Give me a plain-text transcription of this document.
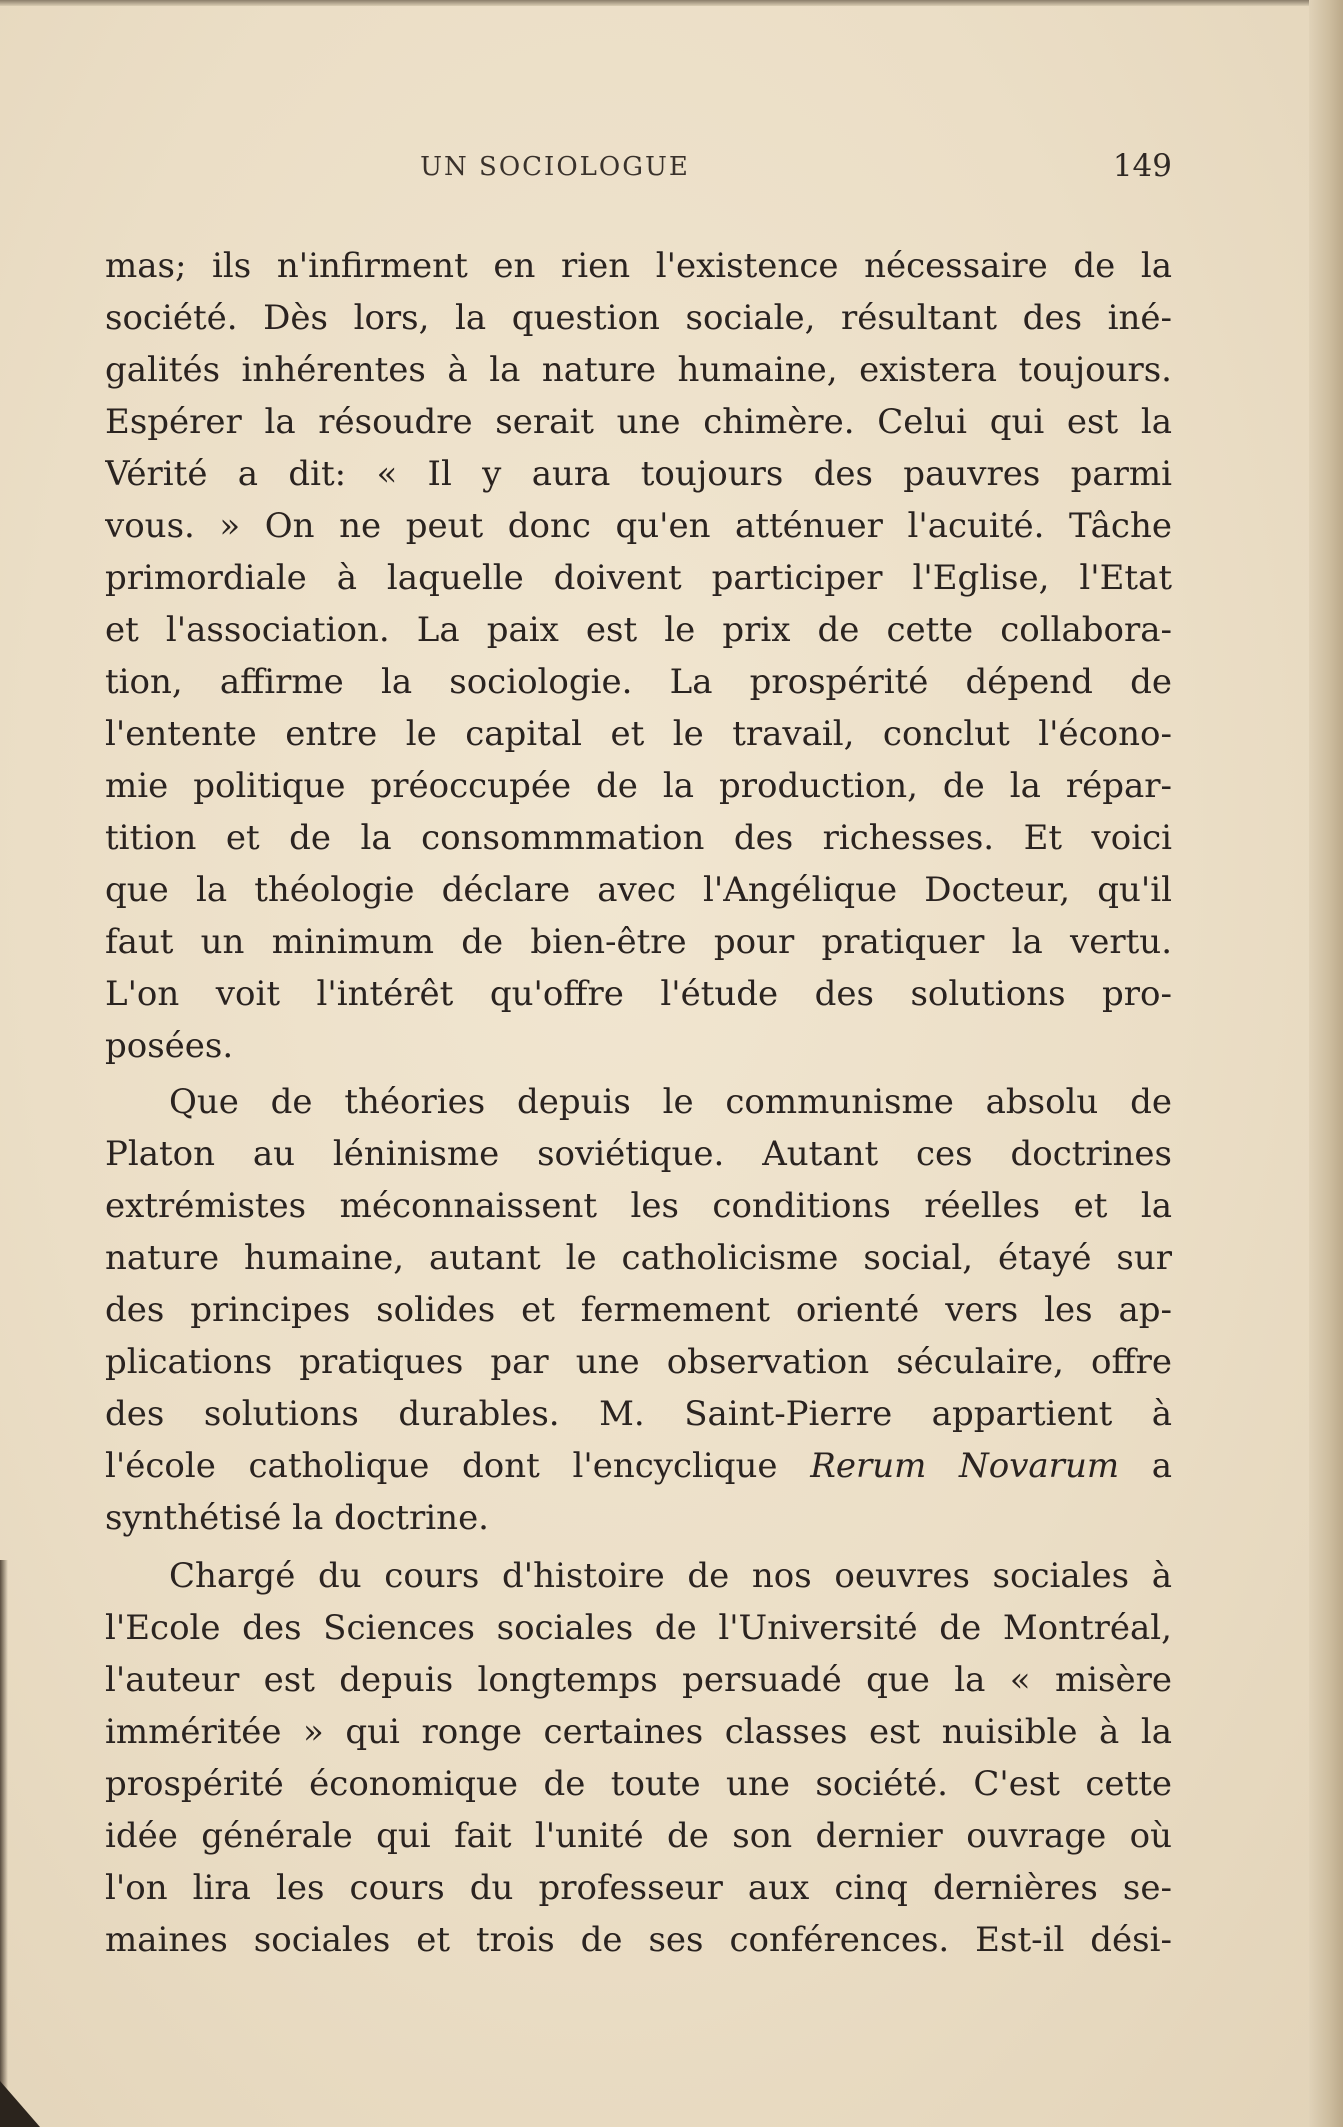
UN SOCIOLOGUE	149
mas; ils n'infirment en rien l'existence nécessaire de la
société. Dès lors, la question sociale, résultant des iné-
galités inhérentes à la nature humaine, existera toujours.
Espérer la résoudre serait une chimère. Celui qui est la
Vérité a dit: « Il y aura toujours des pauvres parmi
vous. » On ne peut donc qu'en atténuer l'acuité. Tâche
primordiale à laquelle doivent participer l'Eglise, l'Etat
et l'association. La paix est le prix de cette collabora-
tion, affirme la sociologie. La prospérité dépend de
l'entente entre le capital et le travail, conclut l'écono-
mie politique préoccupée de la production, de la répar-
tition et de la consommmation des richesses. Et voici
que la théologie déclare avec l'Angélique Docteur, qu'il
faut un minimum de bien-être pour pratiquer la vertu.
L'on voit l'intérêt qu'offre l'étude des solutions pro-
posées.
Que de théories depuis le communisme absolu de
Platon au léninisme soviétique. Autant ces doctrines
extrémistes méconnaissent les conditions réelles et la
nature humaine, autant le catholicisme social, étayé sur
des principes solides et fermement orienté vers les ap-
plications pratiques par une observation séculaire, offre
des solutions durables. M. Saint-Pierre appartient à
l'école catholique dont l'encyclique Rerum Novarum a
synthétisé la doctrine.
Chargé du cours d'histoire de nos oeuvres sociales à
l'Ecole des Sciences sociales de l'Université de Montréal,
l'auteur est depuis longtemps persuadé que la « misère
imméritée » qui ronge certaines classes est nuisible à la
prospérité économique de toute une société. C'est cette
idée générale qui fait l'unité de son dernier ouvrage où
l'on lira les cours du professeur aux cinq dernières se-
maines sociales et trois de ses conférences. Est-il dési-
